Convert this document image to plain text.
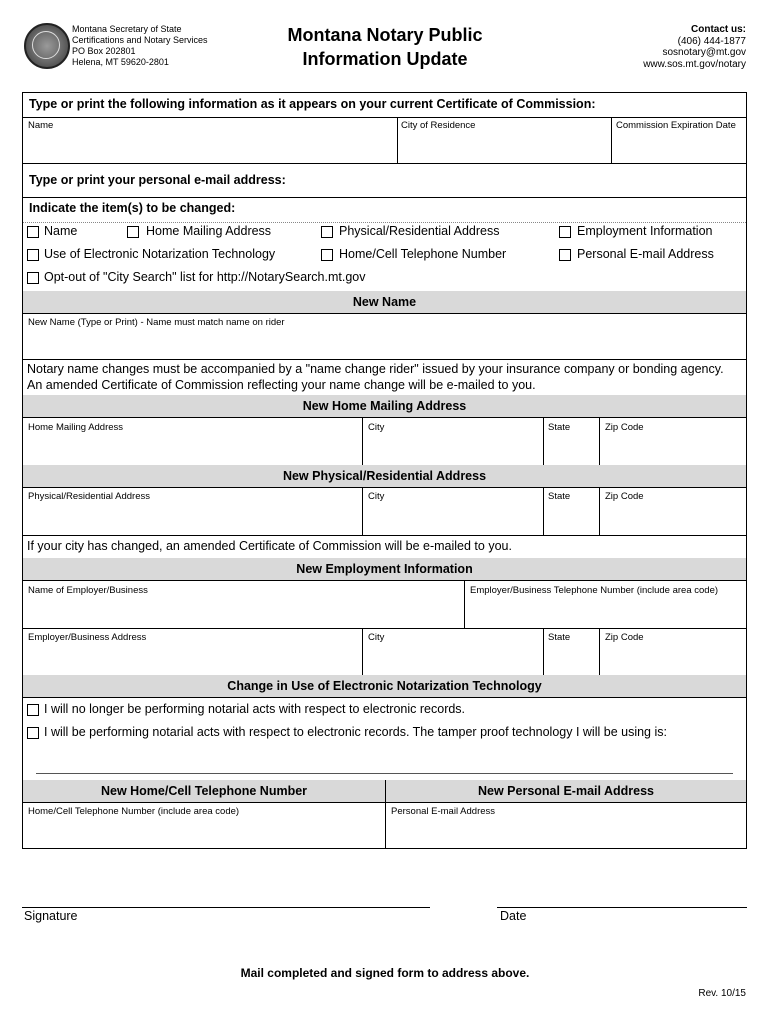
Montana Secretary of State
Certifications and Notary Services
PO Box 202801
Helena, MT 59620-2801
Montana Notary Public
Information Update
Contact us:
(406) 444-1877
sosnotary@mt.gov
www.sos.mt.gov/notary
Type or print the following information as it appears on your current Certificate of Commission:
Name	City of Residence	Commission Expiration Date
Type or print your personal e-mail address:
Indicate the item(s) to be changed:
Name	Home Mailing Address	Physical/Residential Address	Employment Information
Use of Electronic Notarization Technology	Home/Cell Telephone Number	Personal E-mail Address
Opt-out of "City Search" list for http://NotarySearch.mt.gov
New Name
New Name (Type or Print) - Name must match name on rider
Notary name changes must be accompanied by a "name change rider" issued by your insurance company or bonding agency.
An amended Certificate of Commission reflecting your name change will be e-mailed to you.
New Home Mailing Address
Home Mailing Address	City	State	Zip Code
New Physical/Residential Address
Physical/Residential Address	City	State	Zip Code
If your city has changed, an amended Certificate of Commission will be e-mailed to you.
New Employment Information
Name of Employer/Business	Employer/Business Telephone Number (include area code)
Employer/Business Address	City	State	Zip Code
Change in Use of Electronic Notarization Technology
I will no longer be performing notarial acts with respect to electronic records.
I will be performing notarial acts with respect to electronic records. The tamper proof technology I will be using is:
New Home/Cell Telephone Number	New Personal E-mail Address
Home/Cell Telephone Number (include area code)	Personal E-mail Address
Signature	Date
Mail completed and signed form to address above.
Rev. 10/15
